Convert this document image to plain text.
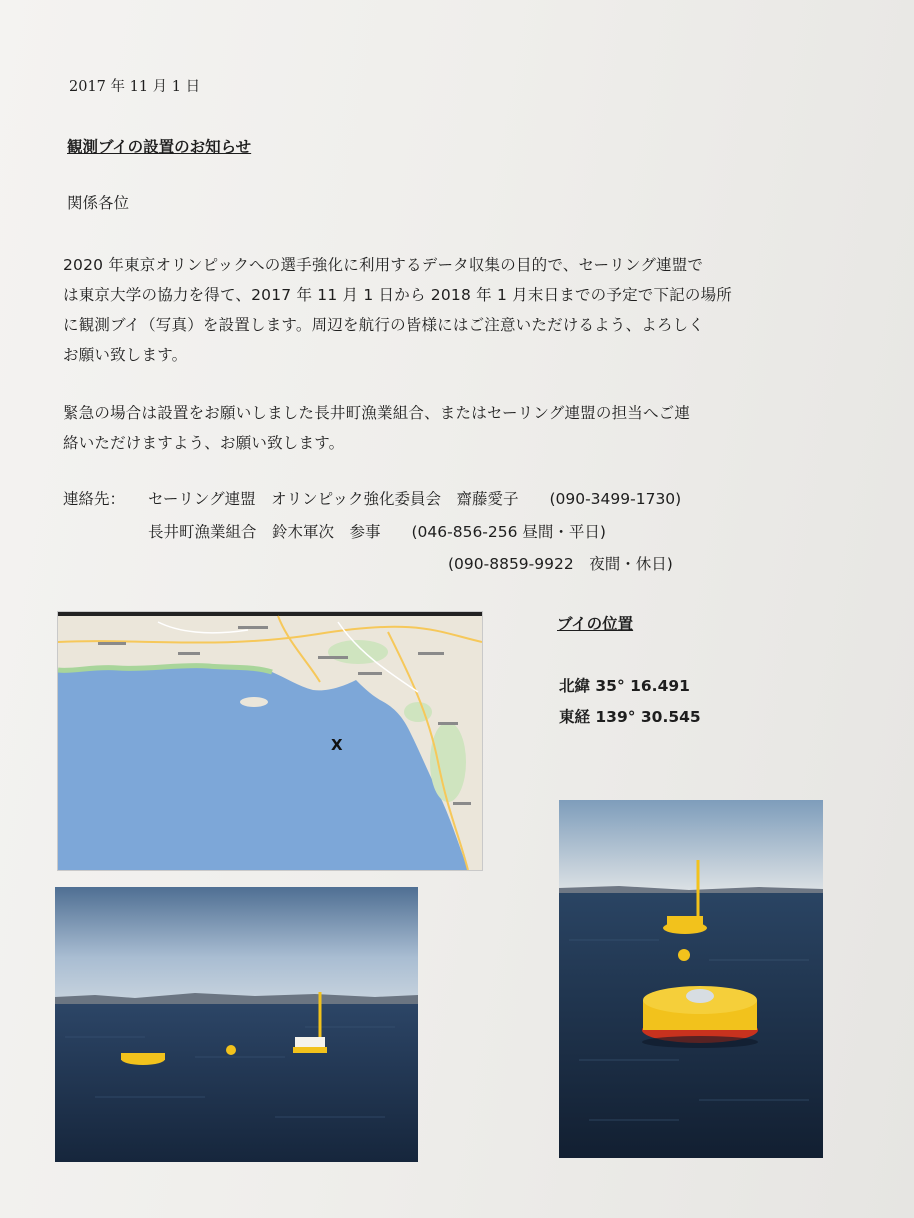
2017 年 11 月 1 日
観測ブイの設置のお知らせ
関係各位
2020 年東京オリンピックへの選手強化に利用するデータ収集の目的で、セーリング連盟で
は東京大学の協力を得て、2017 年 11 月 1 日から 2018 年 1 月末日までの予定で下記の場所
に観測ブイ（写真）を設置します。周辺を航行の皆様にはご注意いただけるよう、よろしく
お願い致します。
緊急の場合は設置をお願いしました長井町漁業組合、またはセーリング連盟の担当へご連
絡いただけますよう、お願い致します。
連絡先： セーリング連盟　オリンピック強化委員会　齋藤愛子　　(090-3499-1730)
長井町漁業組合　鈴木軍次　参事　　(046-856-256 昼間・平日)
(090-8859-9922　夜間・休日)
X
ブイの位置
北緯 35° 16.491
東経 139° 30.545
